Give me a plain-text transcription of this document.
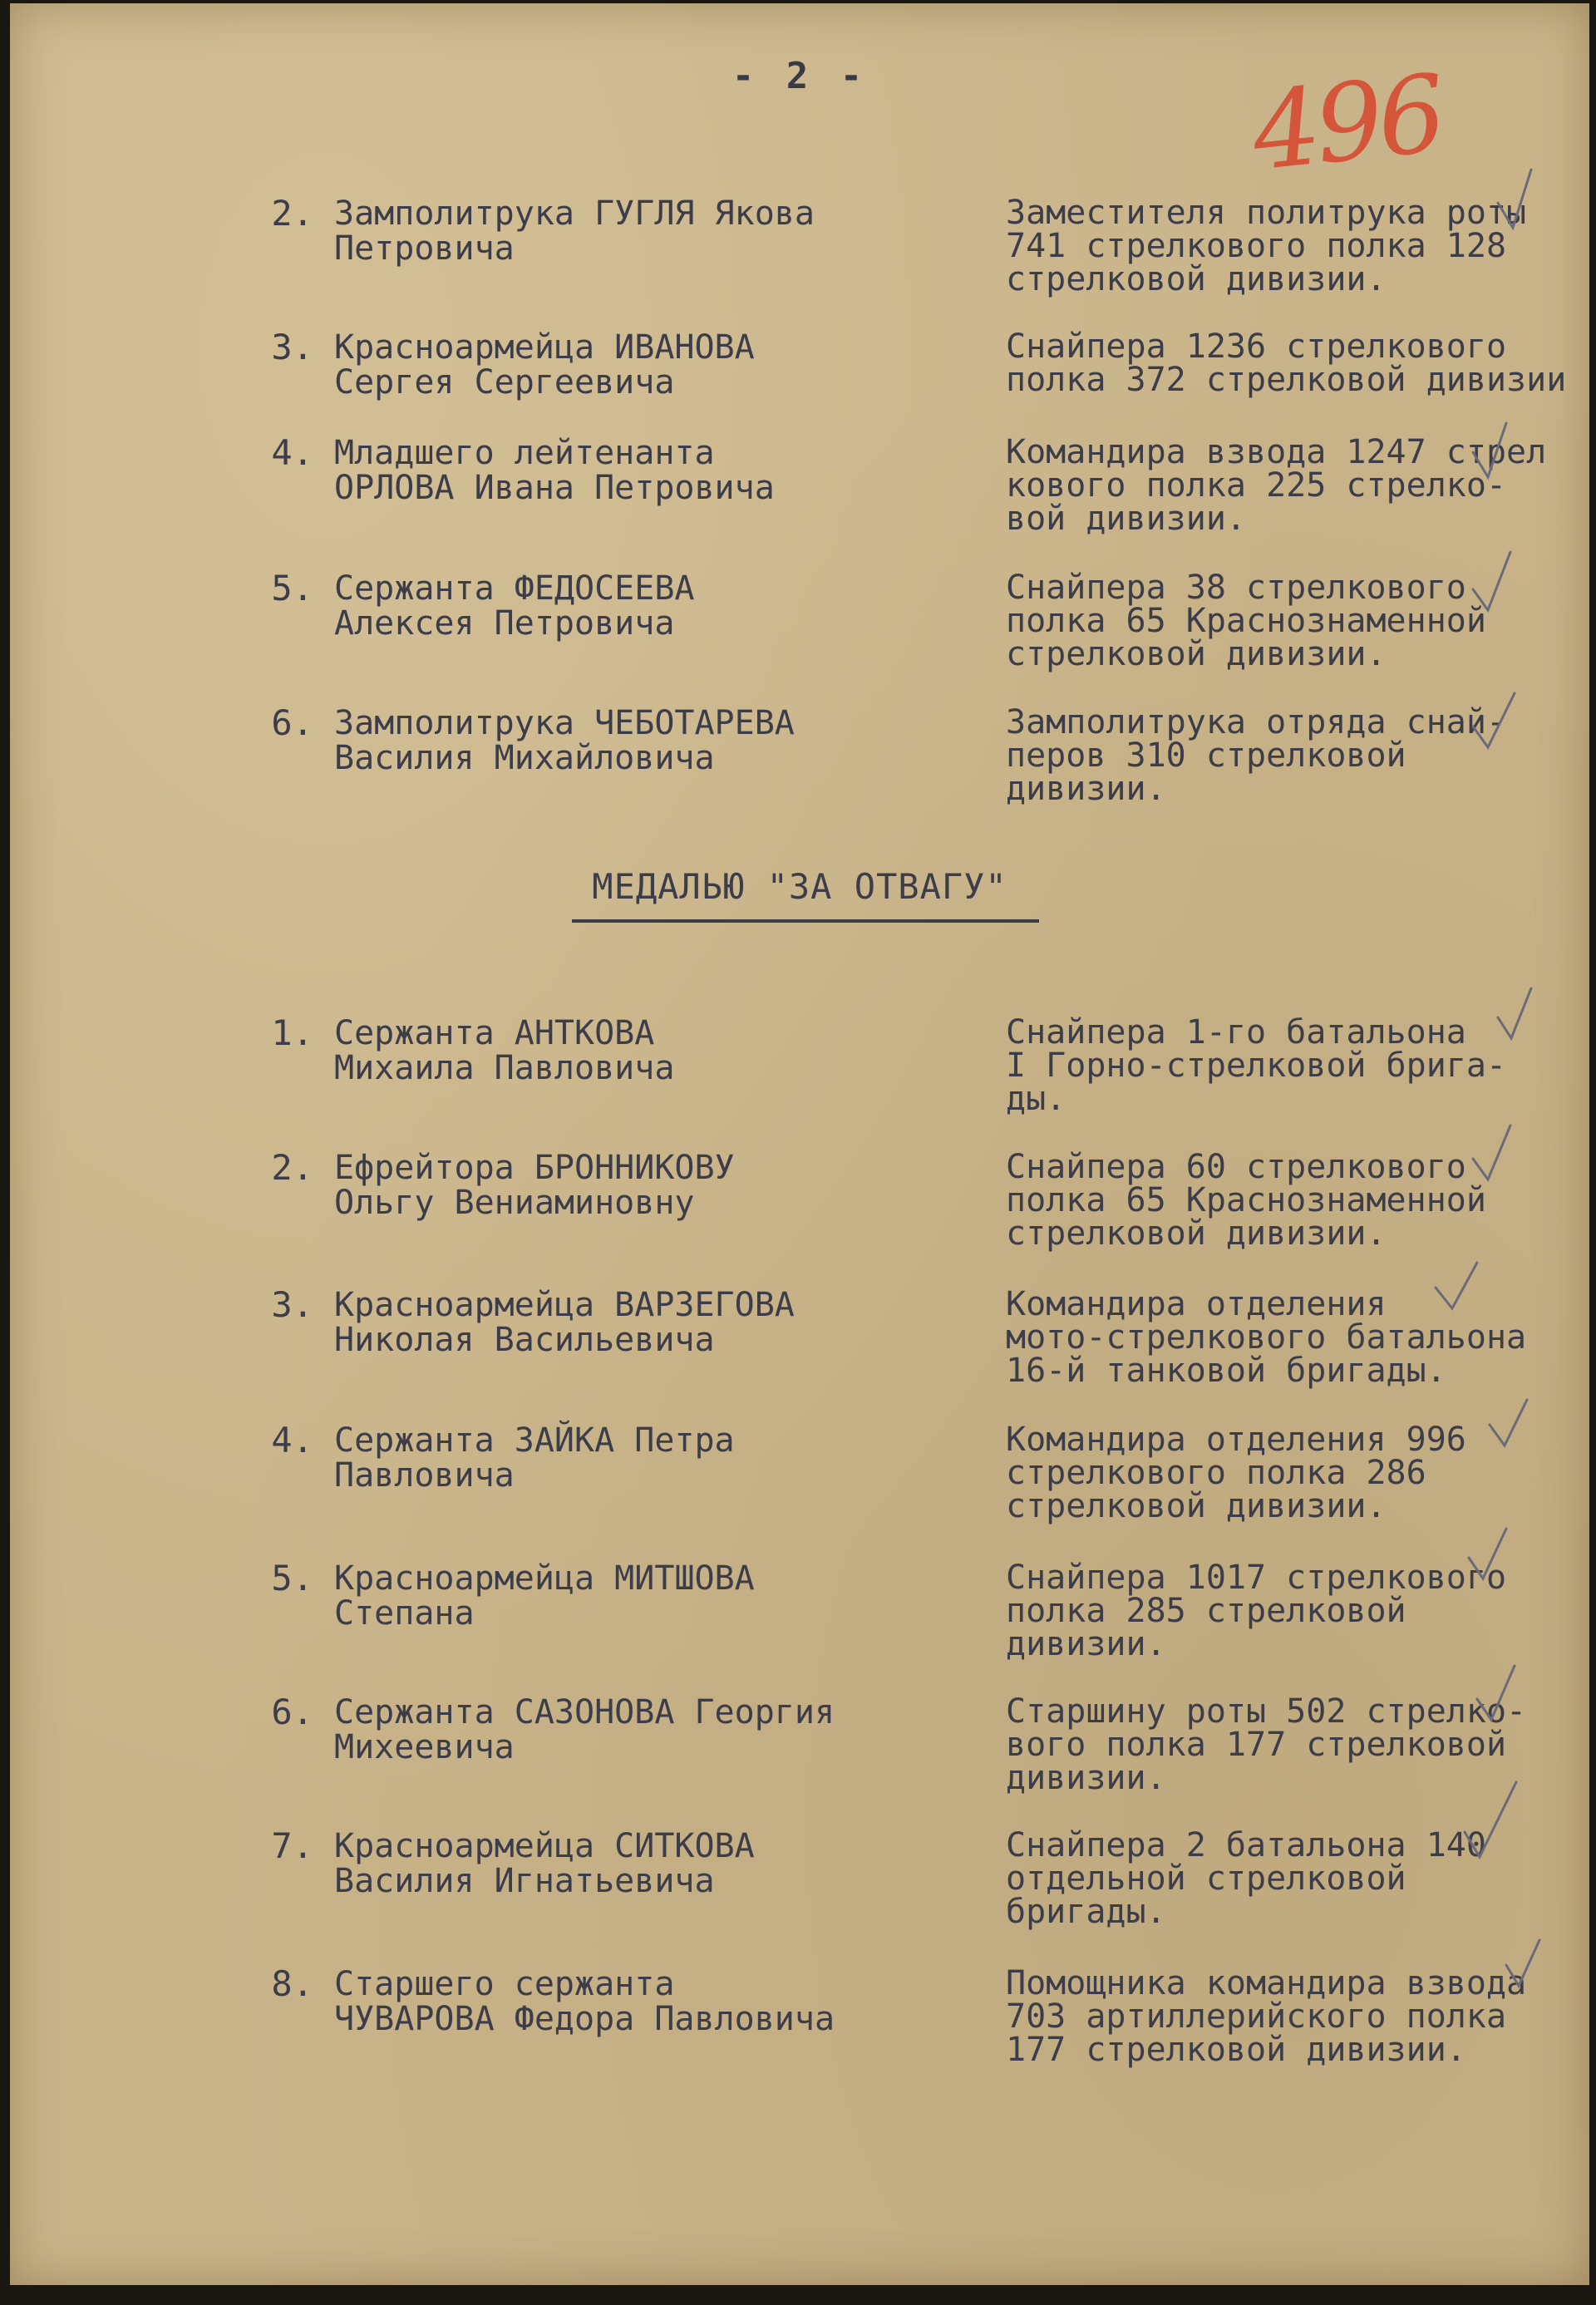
- 2 -	496
2. Замполитрука ГУГЛЯ Якова
Петровича
Заместителя политрука роты
741 стрелкового полка 128
стрелковой дивизии.
3. Красноармейца ИВАНОВА
Сергея Сергеевича
Снайпера 1236 стрелкового
полка 372 стрелковой дивизии
4. Младшего лейтенанта
ОРЛОВА Ивана Петровича
Командира взвода 1247 стрел
кового полка 225 стрелко-
вой дивизии.
5. Сержанта ФЕДОСЕЕВА
Алексея Петровича
Снайпера 38 стрелкового
полка 65 Краснознаменной
стрелковой дивизии.
6. Замполитрука ЧЕБОТАРЕВА
Василия Михайловича
Замполитрука отряда снай-
перов 310 стрелковой
дивизии.
МЕДАЛЬЮ "ЗА ОТВАГУ"
1. Сержанта АНТКОВА
Михаила Павловича
Снайпера 1-го батальона
I Горно-стрелковой брига-
ды.
2. Ефрейтора БРОННИКОВУ
Ольгу Вениаминовну
Снайпера 60 стрелкового
полка 65 Краснознаменной
стрелковой дивизии.
3. Красноармейца ВАРЗЕГОВА
Николая Васильевича
Командира отделения
мото-стрелкового батальона
16-й танковой бригады.
4. Сержанта ЗАЙКА Петра
Павловича
Командира отделения 996
стрелкового полка 286
стрелковой дивизии.
5. Красноармейца МИТШОВА
Степана
Снайпера 1017 стрелкового
полка 285 стрелковой
дивизии.
6. Сержанта САЗОНОВА Георгия
Михеевича
Старшину роты 502 стрелко-
вого полка 177 стрелковой
дивизии.
7. Красноармейца СИТКОВА
Василия Игнатьевича
Снайпера 2 батальона 140
отдельной стрелковой
бригады.
8. Старшего сержанта
ЧУВАРОВА Федора Павловича
Помощника командира взвода
703 артиллерийского полка
177 стрелковой дивизии.
